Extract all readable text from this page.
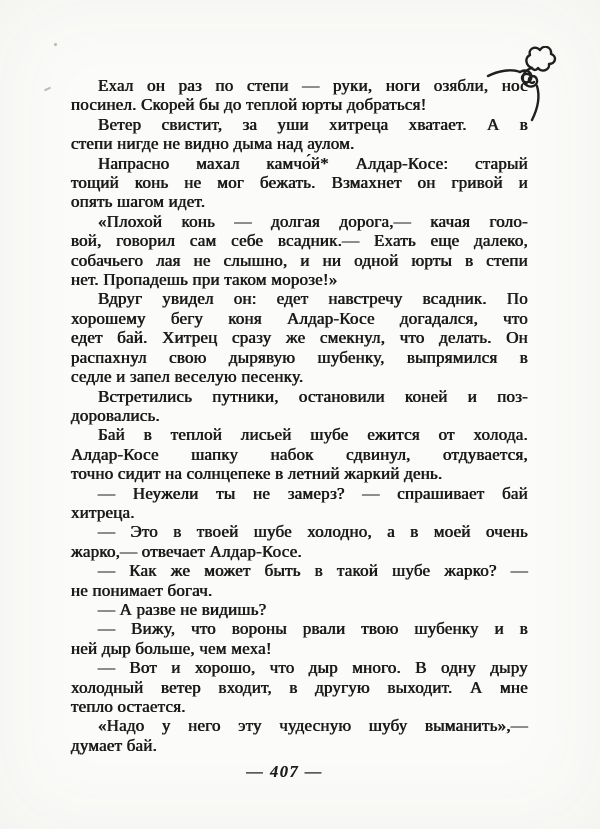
Ехал он раз по степи — руки, ноги озябли, нос
посинел. Скорей бы до теплой юрты добраться!
Ветер свистит, за уши хитреца хватает. А в
степи нигде не видно дыма над аулом.
Напрасно махал камчо́й* Алдар-Косе: старый
тощий конь не мог бежать. Взмахнет он гривой и
опять шагом идет.
«Плохой конь — долгая дорога,— качая голо-
вой, говорил сам себе всадник.— Ехать еще далеко,
собачьего лая не слышно, и ни одной юрты в степи
нет. Пропадешь при таком морозе!»
Вдруг увидел он: едет навстречу всадник. По
хорошему бегу коня Алдар-Косе догадался, что
едет бай. Хитрец сразу же смекнул, что делать. Он
распахнул свою дырявую шубенку, выпрямился в
седле и запел веселую песенку.
Встретились путники, остановили коней и поз-
доровались.
Бай в теплой лисьей шубе ежится от холода.
Алдар-Косе шапку набок сдвинул, отдувается,
точно сидит на солнцепеке в летний жаркий день.
— Неужели ты не замерз? — спрашивает бай
хитреца.
— Это в твоей шубе холодно, а в моей очень
жарко,— отвечает Алдар-Косе.
— Как же может быть в такой шубе жарко? —
не понимает богач.
— А разве не видишь?
— Вижу, что вороны рвали твою шубенку и в
ней дыр больше, чем меха!
— Вот и хорошо, что дыр много. В одну дыру
холодный ветер входит, в другую выходит. А мне
тепло остается.
«Надо у него эту чудесную шубу выманить»,—
думает бай.
— 407 —
